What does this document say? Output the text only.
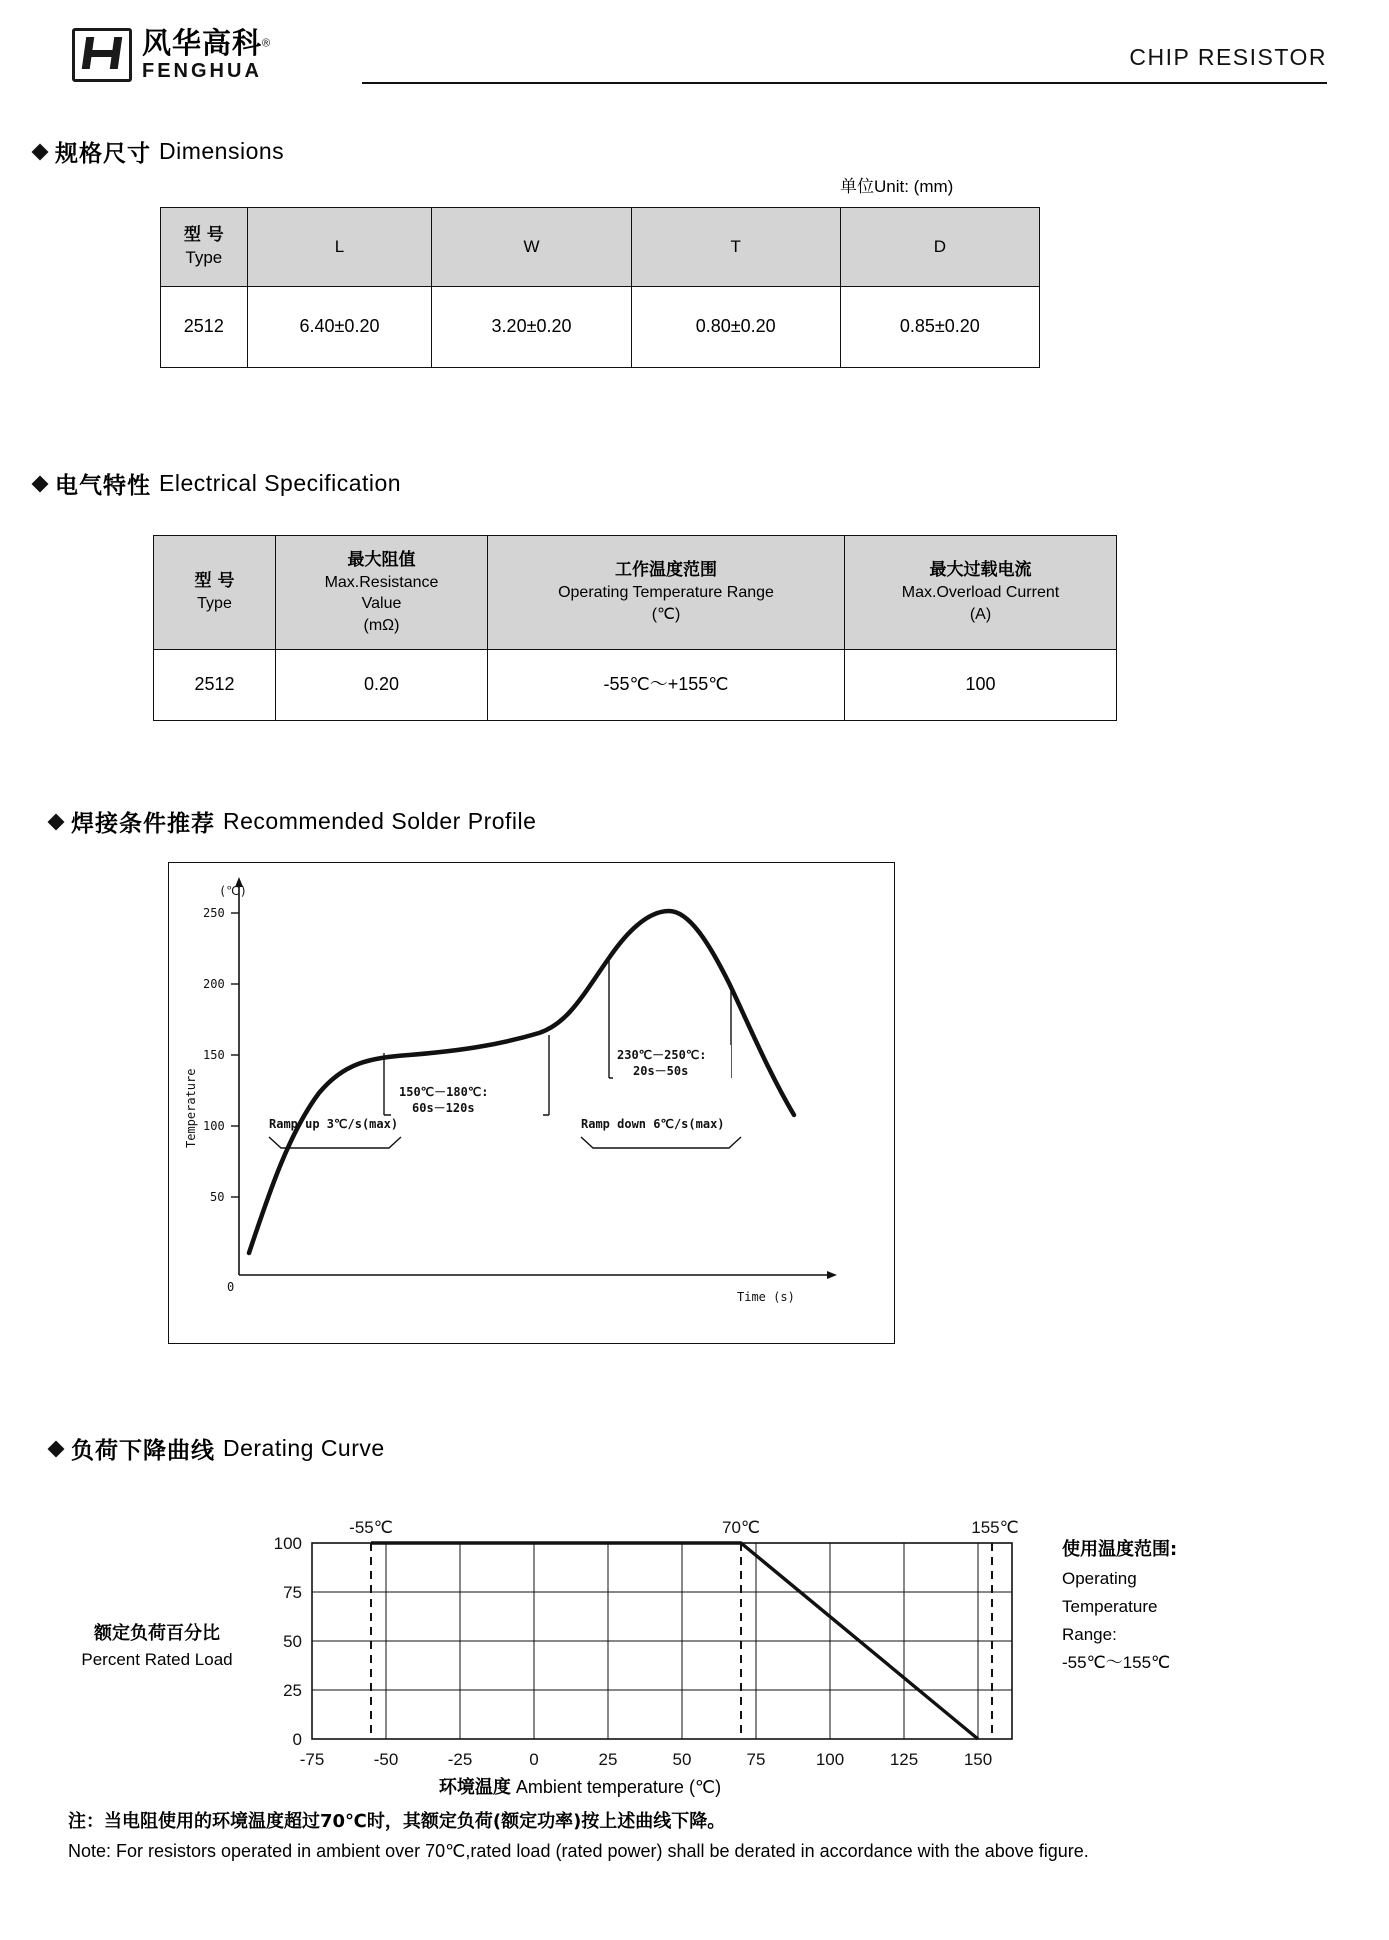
风华高科®
FENGHUA
CHIP RESISTOR
规格尺寸 Dimensions
单位Unit: (mm)
型 号
Type	L	W	T	D
2512	6.40±0.20	3.20±0.20	0.80±0.20	0.85±0.20
电气特性 Electrical Specification
型 号
Type

最大阻值
Max.Resistance
Value
(mΩ)

工作温度范围
Operating Temperature Range
(℃)

最大过载电流
Max.Overload Current
(A)

2512	0.20	-55℃～+155℃	100
焊接条件推荐 Recommended Solder Profile
(℃)
250
200
150
100
50
0
Temperature
Time (s)
150℃－180℃:
60s－120s
230℃－250℃:
20s－50s
Ramp up 3℃/s(max)	Ramp down 6℃/s(max)
负荷下降曲线 Derating Curve
额定负荷百分比
Percent Rated Load
100
75
50
25
0
-75	-50	-25	0	25	50	75	100	125	150
-55℃	70℃	155℃
环境温度 Ambient temperature (℃)
使用温度范围:
Operating
Temperature
Range:
-55℃～155℃
注：当电阻使用的环境温度超过70℃时，其额定负荷(额定功率)按上述曲线下降。
Note: For resistors operated in ambient over 70℃,rated load (rated power) shall be derated in accordance with the above figure.
